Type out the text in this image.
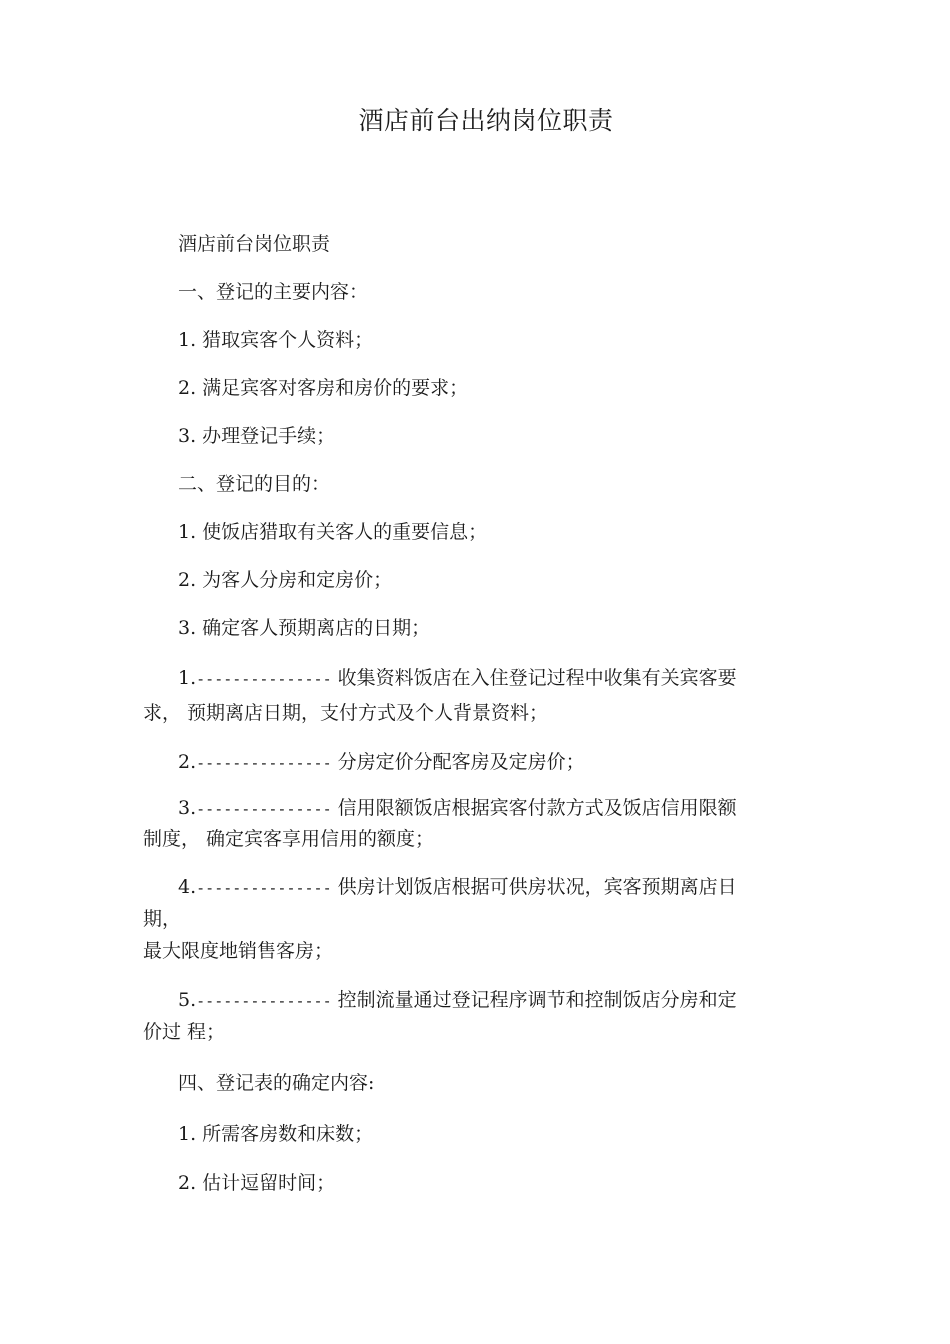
酒店前台出纳岗位职责
酒店前台岗位职责
一、登记的主要内容：
1. 猎取宾客个人资料；
2. 满足宾客对客房和房价的要求；
3. 办理登记手续；
二、登记的目的：
1. 使饭店猎取有关客人的重要信息；
2. 为客人分房和定房价；
3. 确定客人预期离店的日期；
1.--------------- 收集资料饭店在入住登记过程中收集有关宾客要
求， 预期离店日期，支付方式及个人背景资料；
2.--------------- 分房定价分配客房及定房价；
3.--------------- 信用限额饭店根据宾客付款方式及饭店信用限额
制度， 确定宾客享用信用的额度；
4.--------------- 供房计划饭店根据可供房状况，宾客预期离店日
期，
最大限度地销售客房；
5.--------------- 控制流量通过登记程序调节和控制饭店分房和定
价过 程；
四、登记表的确定内容:
1. 所需客房数和床数；
2. 估计逗留时间；
